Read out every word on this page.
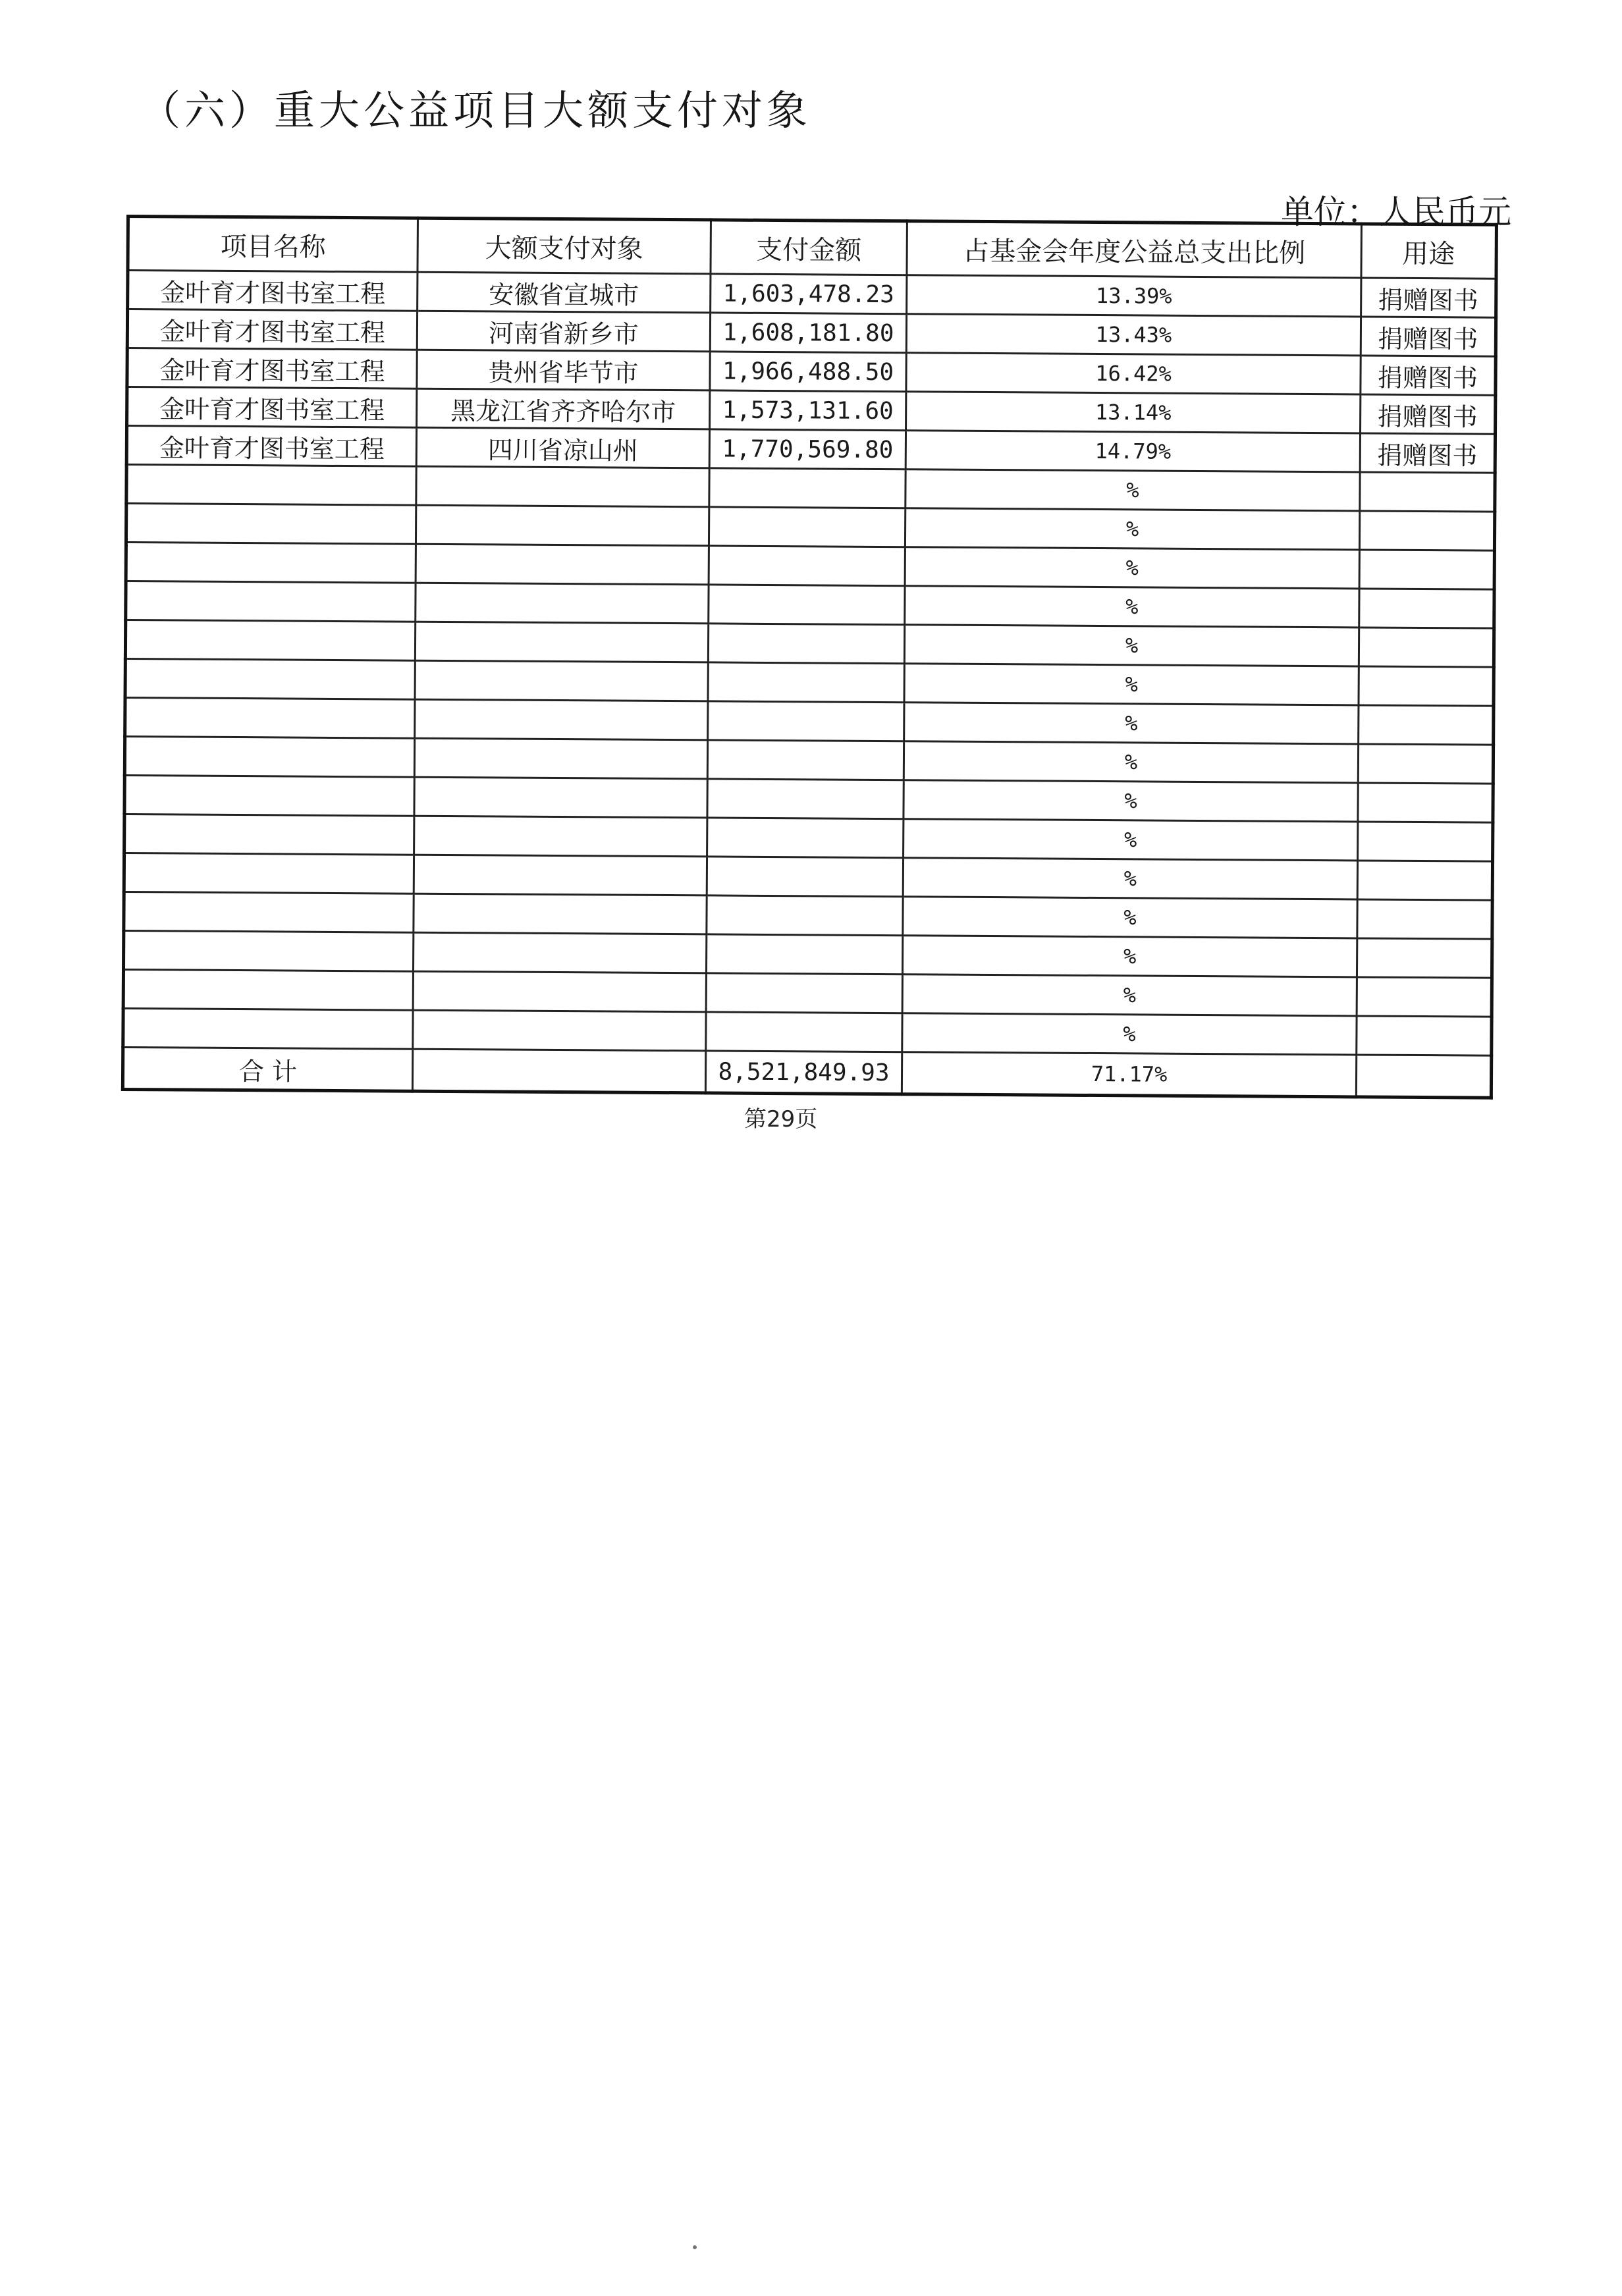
（六）重大公益项目大额支付对象
单位：人民币元
项目名称	大额支付对象	支付金额	占基金会年度公益总支出比例	用途
金叶育才图书室工程	安徽省宣城市	1,603,478.23	13.39%	捐赠图书
金叶育才图书室工程	河南省新乡市	1,608,181.80	13.43%	捐赠图书
金叶育才图书室工程	贵州省毕节市	1,966,488.50	16.42%	捐赠图书
金叶育才图书室工程	黑龙江省齐齐哈尔市	1,573,131.60	13.14%	捐赠图书
金叶育才图书室工程	四川省凉山州	1,770,569.80	14.79%	捐赠图书
			%	
			%	
			%	
			%	
			%	
			%	
			%	
			%	
			%	
			%	
			%	
			%	
			%	
			%	
			%	
合 计		8,521,849.93	71.17%	
第29页
